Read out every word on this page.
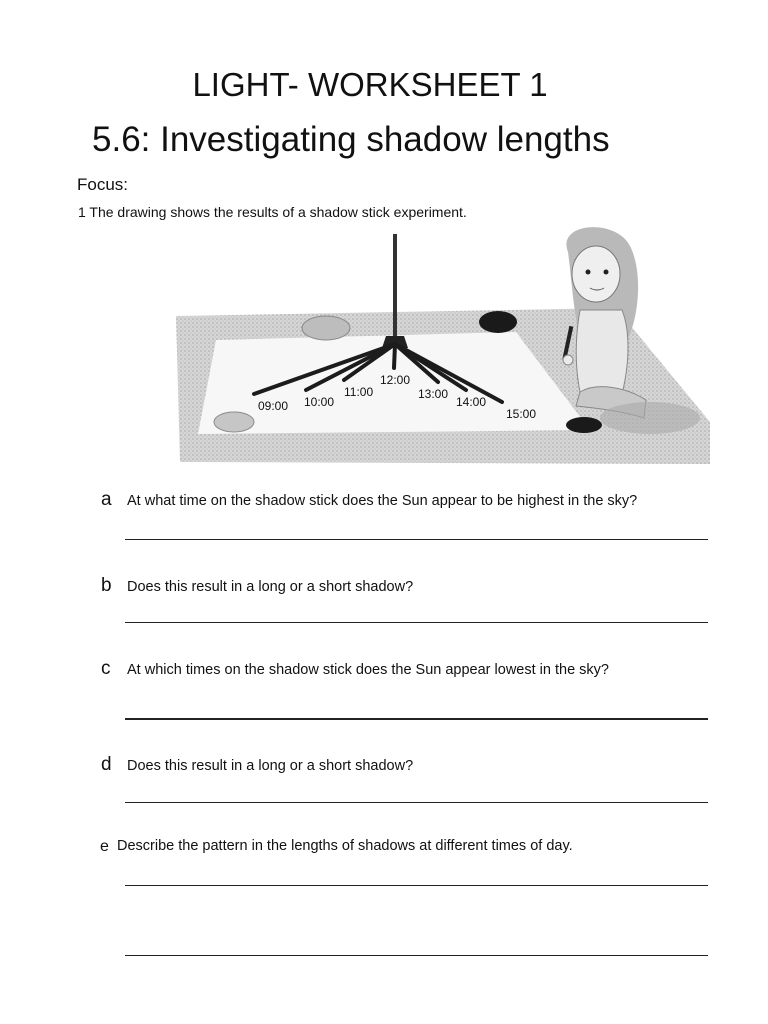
LIGHT- WORKSHEET 1
5.6: Investigating shadow lengths
Focus:
1 The drawing shows the results of a shadow stick experiment.
09:00 10:00
11:00
12:00
13:00
14:00
15:00
a At what time on the shadow stick does the Sun appear to be highest in the sky?
b Does this result in a long or a short shadow?
c At which times on the shadow stick does the Sun appear lowest in the sky?
d Does this result in a long or a short shadow?
e Describe the pattern in the lengths of shadows at different times of day.
